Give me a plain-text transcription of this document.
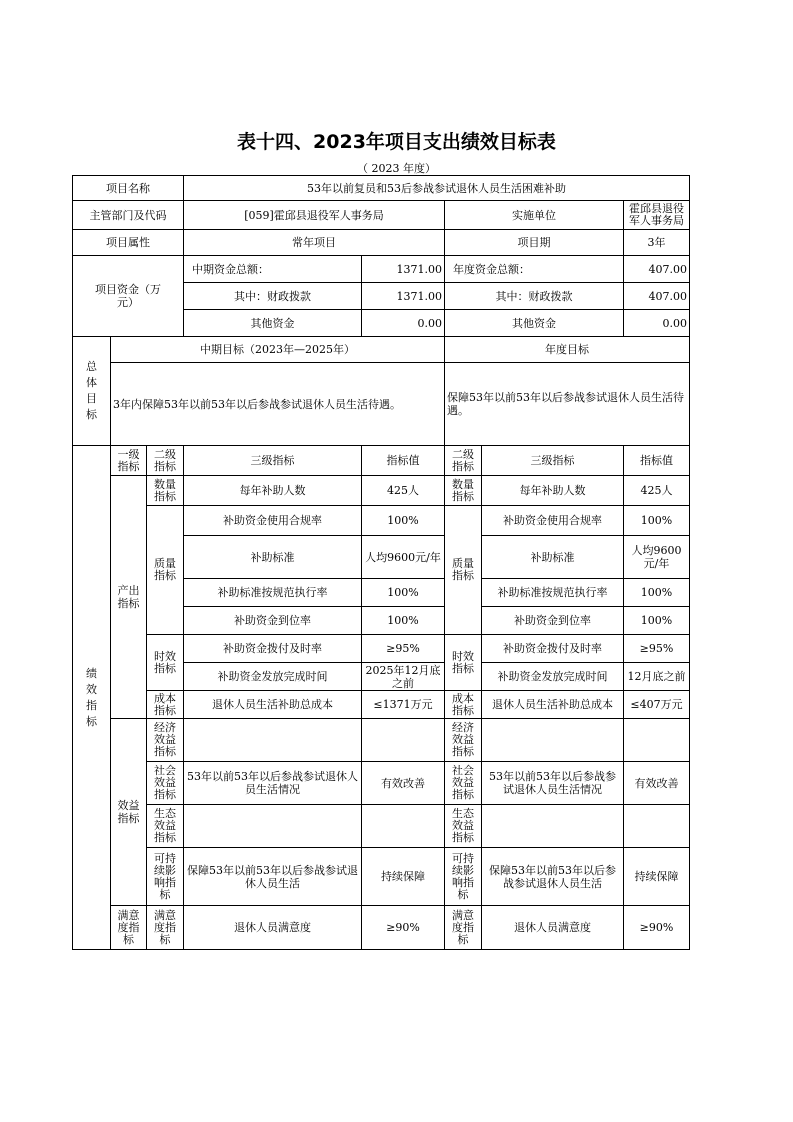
表十四、2023年项目支出绩效目标表
（ 2023 年度）
项目名称			53年以前复员和53后参战参试退休人员生活困难补助				
主管部门及代码			[059]霍邱县退役军人事务局		实施单位		霍邱县退役军人事务局
项目属性			常年项目		项目期		3年
项目资金（万元）			中期资金总额：	1371.00	年度资金总额：		407.00
			其中：财政拨款	1371.00	其中：财政拨款		407.00
			其他资金	0.00	其他资金		0.00
总体目标	中期目标（2023年—2025年）				年度目标		
	3年内保障53年以前53年以后参战参试退休人员生活待遇。				保障53年以前53年以后参战参试退休人员生活待遇。		
绩效指标	一级指标	二级指标	三级指标	指标值	二级指标	三级指标	指标值
	产出指标	数量指标	每年补助人数	425人	数量指标	每年补助人数	425人
		质量指标	补助资金使用合规率	100%	质量指标	补助资金使用合规率	100%
			补助标准	人均9600元/年		补助标准	人均9600元/年
			补助标准按规范执行率	100%		补助标准按规范执行率	100%
			补助资金到位率	100%		补助资金到位率	100%
		时效指标	补助资金拨付及时率	≥95%	时效指标	补助资金拨付及时率	≥95%
			补助资金发放完成时间	2025年12月底之前		补助资金发放完成时间	12月底之前
		成本指标	退休人员生活补助总成本	≤1371万元	成本指标	退休人员生活补助总成本	≤407万元
	效益指标	经济效益指标			经济效益指标		
		社会效益指标	53年以前53年以后参战参试退休人员生活情况	有效改善	社会效益指标	53年以前53年以后参战参试退休人员生活情况	有效改善
		生态效益指标			生态效益指标		
		可持续影响指标	保障53年以前53年以后参战参试退休人员生活	持续保障	可持续影响指标	保障53年以前53年以后参战参试退休人员生活	持续保障
	满意度指标	满意度指标	退休人员满意度	≥90%	满意度指标	退休人员满意度	≥90%
